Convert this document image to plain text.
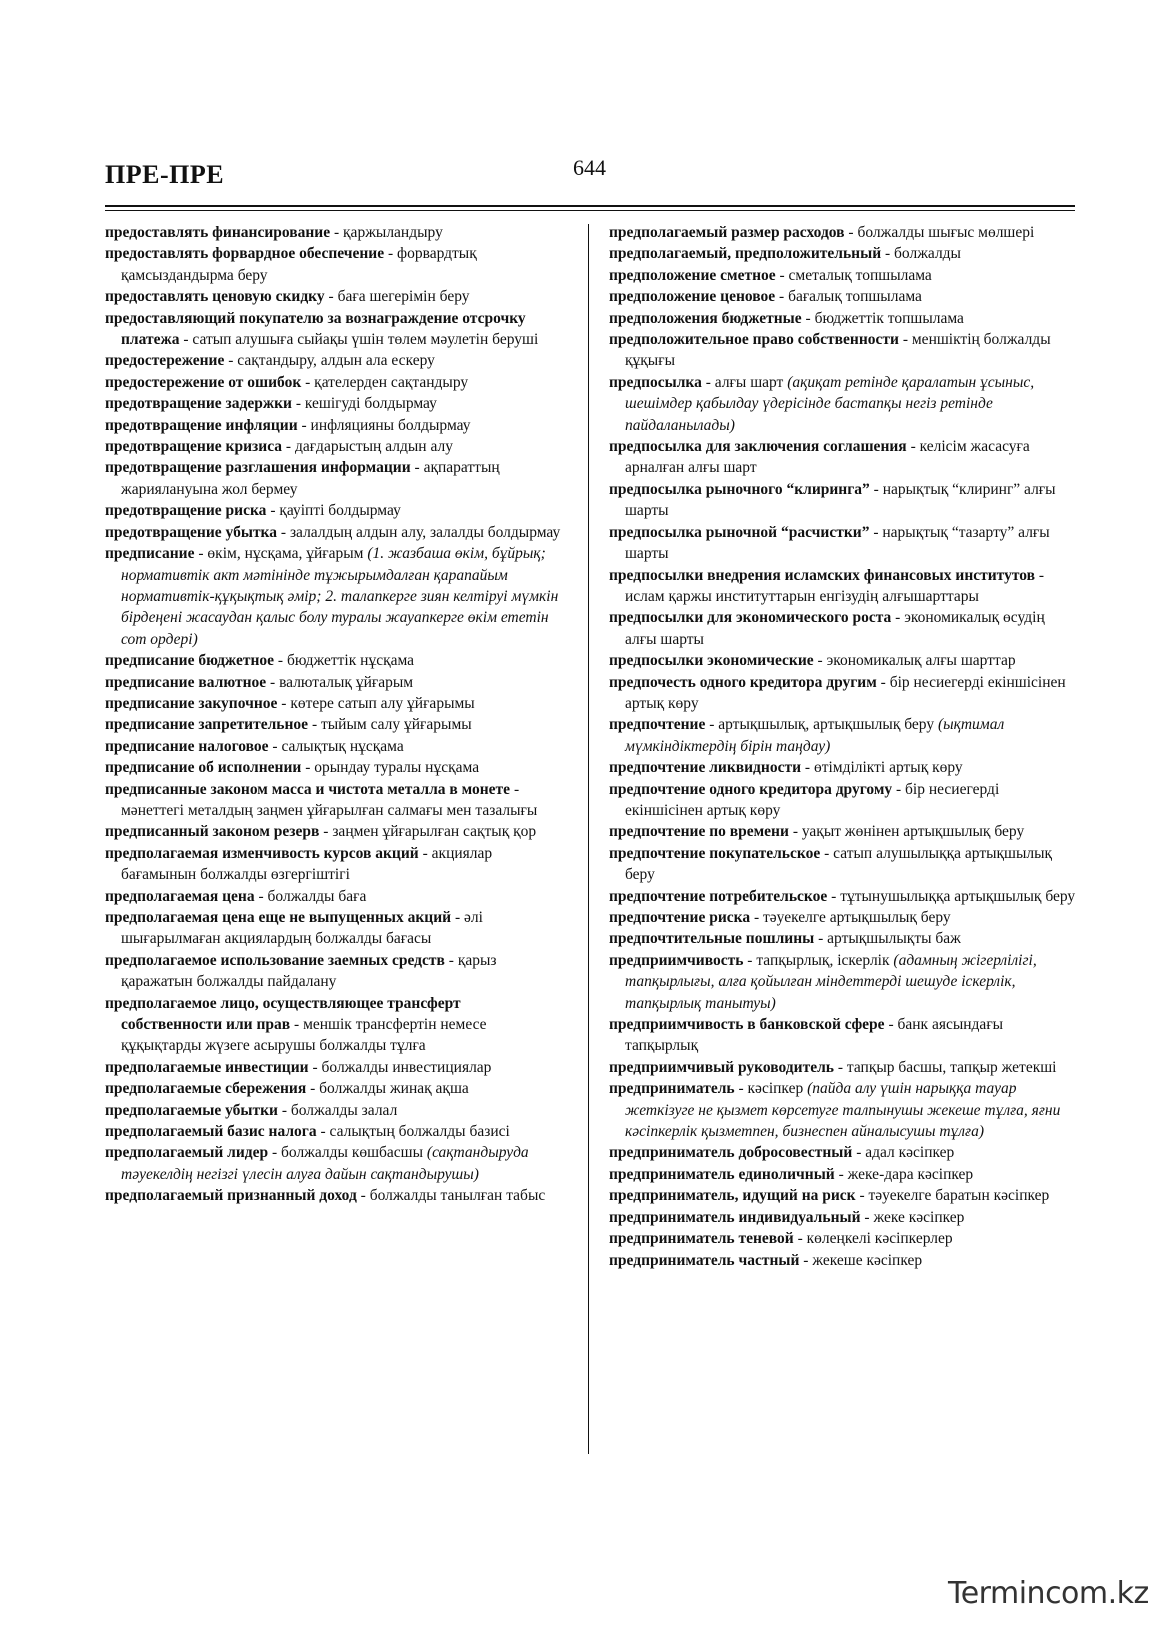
ПРЕ-ПРЕ	644

предоставлять финансирование - қаржыландыру

предоставлять форвардное обеспечение - форвардтық қамсыздандырма беру

предоставлять ценовую скидку - баға шегерімін беру

предоставляющий покупателю за вознаграждение отсрочку платежа - сатып алушыға сыйақы үшін төлем мәулетін беруші

предостережение - сақтандыру, алдын ала ескеру

предостережение от ошибок - қателерден сақтандыру

предотвращение задержки - кешігуді болдырмау

предотвращение инфляции - инфляцияны болдырмау

предотвращение кризиса - дағдарыстың алдын алу

предотвращение разглашения информации - ақпараттың жариялануына жол бермеу

предотвращение риска - қауіпті болдырмау

предотвращение убытка - залалдың алдын алу, залалды болдырмау

предписание - өкім, нұсқама, ұйғарым (1. жазбаша өкім, бұйрық; нормативтік акт мәтінінде тұжырымдалған қарапайым нормативтік-құқықтық әмір; 2. талапкерге зиян келтіруі мүмкін бірдеңені жасаудан қалыс болу туралы жауапкерге өкім ететін сот ордері)

предписание бюджетное - бюджеттік нұсқама

предписание валютное - валюталық ұйғарым

предписание закупочное - көтере сатып алу ұйғарымы

предписание запретительное - тыйым салу ұйғарымы

предписание налоговое - салықтық нұсқама

предписание об исполнении - орындау туралы нұсқама

предписанные законом масса и чистота металла в монете - мәнеттегі металдың заңмен ұйғарылған салмағы мен тазалығы

предписанный законом резерв - заңмен ұйғарылған сақтық қор

предполагаемая изменчивость курсов акций - акциялар бағамынын болжалды өзгергіштігі

предполагаемая цена - болжалды баға

предполагаемая цена еще не выпущенных акций - әлі шығарылмаған акциялардың болжалды бағасы

предполагаемое использование заемных средств - қарыз қаражатын болжалды пайдалану

предполагаемое лицо, осуществляющее трансферт собственности или прав - меншік трансфертін немесе құқықтарды жүзеге асырушы болжалды тұлға

предполагаемые инвестиции - болжалды инвестициялар

предполагаемые сбережения - болжалды жинақ ақша

предполагаемые убытки - болжалды залал

предполагаемый базис налога - салықтың болжалды базисі

предполагаемый лидер - болжалды көшбасшы (сақтандыруда тәуекелдің негізгі үлесін алуға дайын сақтандырушы)

предполагаемый признанный доход - болжалды танылған табыс

предполагаемый размер расходов - болжалды шығыс мөлшері

предполагаемый, предположительный - болжалды

предположение сметное - сметалық топшылама

предположение ценовое - бағалық топшылама

предположения бюджетные - бюджеттік топшылама

предположительное право собственности - меншіктің болжалды құқығы

предпосылка - алғы шарт (ақиқат ретінде қаралатын ұсыныс, шешімдер қабылдау үдерісінде бастапқы негіз ретінде пайдаланылады)

предпосылка для заключения соглашения - келісім жасасуға арналған алғы шарт

предпосылка рыночного “клиринга” - нарықтық “клиринг” алғы шарты

предпосылка рыночной “расчистки” - нарықтық “тазарту” алғы шарты

предпосылки внедрения исламских финансовых институтов - ислам қаржы институттарын енгізудің алғышарттары

предпосылки для экономического роста - экономикалық өсудің алғы шарты

предпосылки экономические - экономикалық алғы шарттар

предпочесть одного кредитора другим - бір несиегерді екіншісінен артық көру

предпочтение - артықшылық, артықшылық беру (ықтимал мүмкіндіктердің бірін таңдау)

предпочтение ликвидности - өтімділікті артық көру

предпочтение одного кредитора другому - бір несиегерді екіншісінен артық көру

предпочтение по времени - уақыт жөнінен артықшылық беру

предпочтение покупательское - сатып алушылыққа артықшылық беру

предпочтение потребительское - тұтынушылыққа артықшылық беру

предпочтение риска - тәуекелге артықшылық беру

предпочтительные пошлины - артықшылықты баж

предприимчивость - тапқырлық, іскерлік (адамның жігерлілігі, тапқырлығы, алға қойылған міндеттерді шешуде іскерлік, тапқырлық танытуы)

предприимчивость в банковской сфере - банк аясындағы тапқырлық

предприимчивый руководитель - тапқыр басшы, тапқыр жетекші

предприниматель - кәсіпкер (пайда алу үшін нарыққа тауар жеткізуге не қызмет көрсетуге талпынушы жекеше тұлға, яғни кәсіпкерлік қызметпен, бизнеспен айналысушы тұлға)

предприниматель добросовестный - адал кәсіпкер

предприниматель единоличный - жеке-дара кәсіпкер

предприниматель, идущий на риск - тәуекелге баратын кәсіпкер

предприниматель индивидуальный - жеке кәсіпкер

предприниматель теневой - көлеңкелі кәсіпкерлер

предприниматель частный - жекеше кәсіпкер

Termincom.kz
